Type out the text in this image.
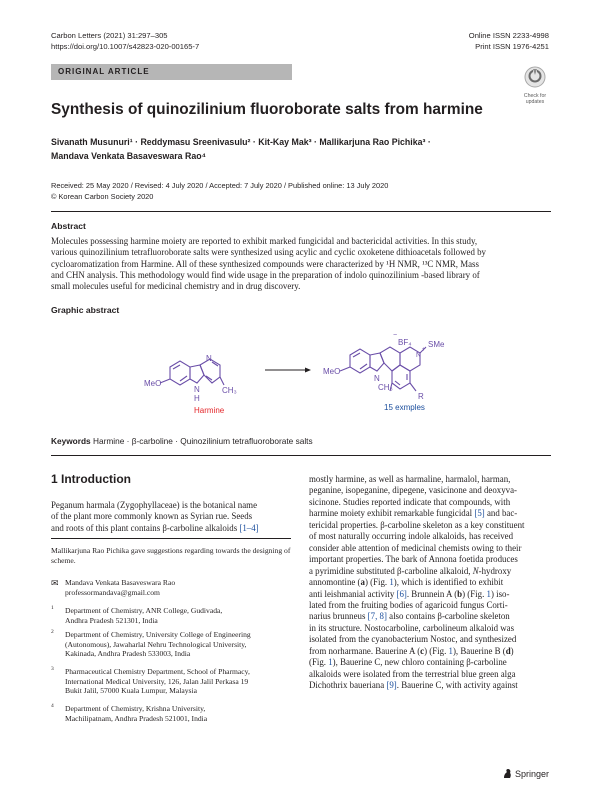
Carbon Letters (2021) 31:297–305
https://doi.org/10.1007/s42823-020-00165-7
Online ISSN 2233-4998
Print ISSN 1976-4251
ORIGINAL ARTICLE
Check for
updates
Synthesis of quinozilinium fluoroborate salts from harmine
Sivanath Musunuri¹ · Reddymasu Sreenivasulu² · Kit-Kay Mak³ · Mallikarjuna Rao Pichika³ ·
Mandava Venkata Basaveswara Rao⁴
Received: 25 May 2020 / Revised: 4 July 2020 / Accepted: 7 July 2020 / Published online: 13 July 2020
© Korean Carbon Society 2020
Abstract
Molecules possessing harmine moiety are reported to exhibit marked fungicidal and bactericidal activities. In this study,
various quinozilinium tetrafluoroborate salts were synthesized using acylic and cyclic oxoketene dithioacetals followed by
cycloaromatization from Harmine. All of these synthesized compounds were characterized by ¹H NMR, ¹³C NMR, Mass
and CHN analysis. This methodology would find wide usage in the preparation of indolo quinozilinium -based library of
small molecules useful for medicinal chemistry and in drug discovery.
Graphic abstract
MeO
N
N
H
CH₃
MeO
N
CH₃
BF₄
−
N
+
SMe
R
Harmine	15 exmples
Keywords Harmine · β-carboline · Quinozilinium tetrafluoroborate salts
1 Introduction
Peganum harmala (Zygophyllaceae) is the botanical name
of the plant more commonly known as Syrian rue. Seeds
and roots of this plant contains β-carboline alkaloids [1–4]
Mallikarjuna Rao Pichika gave suggestions regarding towards the designing of scheme.
✉ Mandava Venkata Basaveswara Rao
professormandava@gmail.com
1 Department of Chemistry, ANR College, Gudivada,
Andhra Pradesh 521301, India
2 Department of Chemistry, University College of Engineering
(Autonomous), Jawaharlal Nehru Technological University,
Kakinada, Andhra Pradesh 533003, India
3 Pharmaceutical Chemistry Department, School of Pharmacy,
International Medical University, 126, Jalan Jalil Perkasa 19
Bukit Jalil, 57000 Kuala Lumpur, Malaysia
4 Department of Chemistry, Krishna University,
Machilipatnam, Andhra Pradesh 521001, India
mostly harmine, as well as harmaline, harmalol, harman,
peganine, isopeganine, dipegene, vasicinone and deoxyva-
sicinone. Studies reported indicate that compounds, with
harmine moiety exhibit remarkable fungicidal [5] and bac-
tericidal properties. β-carboline skeleton as a key constituent
of most naturally occurring indole alkaloids, has received
consider able attention of medicinal chemists owing to their
important properties. The bark of Annona foetida produces
a pyrimidine substituted β-carboline alkaloid, N-hydroxy
annomontine (a) (Fig. 1), which is identified to exhibit
anti leishmanial activity [6]. Brunnein A (b) (Fig. 1) iso-
lated from the fruiting bodies of agaricoid fungus Corti-
narius brunneus [7, 8] also contains β-carboline skeleton
in its structure. Nostocarboline, carbolineum alkaloid was
isolated from the cyanobacterium Nostoc, and synthesized
from norharmane. Bauerine A (c) (Fig. 1), Bauerine B (d)
(Fig. 1), Bauerine C, new chloro containing β-carboline
alkaloids were isolated from the terrestrial blue green alga
Dichothrix baueriana [9]. Bauerine C, with activity against
Springer
